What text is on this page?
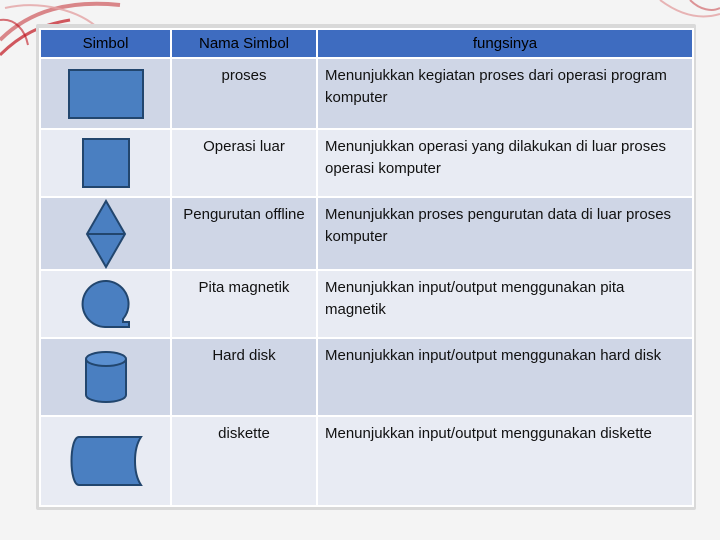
Simbol	Nama Simbol	fungsinya

	proses	Menunjukkan kegiatan proses dari operasi program komputer

	Operasi luar	Menunjukkan operasi yang dilakukan di luar proses operasi komputer

	Pengurutan offline	Menunjukkan proses pengurutan data di luar proses komputer

	Pita magnetik	Menunjukkan input/output menggunakan pita magnetik

	Hard disk	Menunjukkan input/output menggunakan hard disk

	diskette	Menunjukkan input/output menggunakan diskette
